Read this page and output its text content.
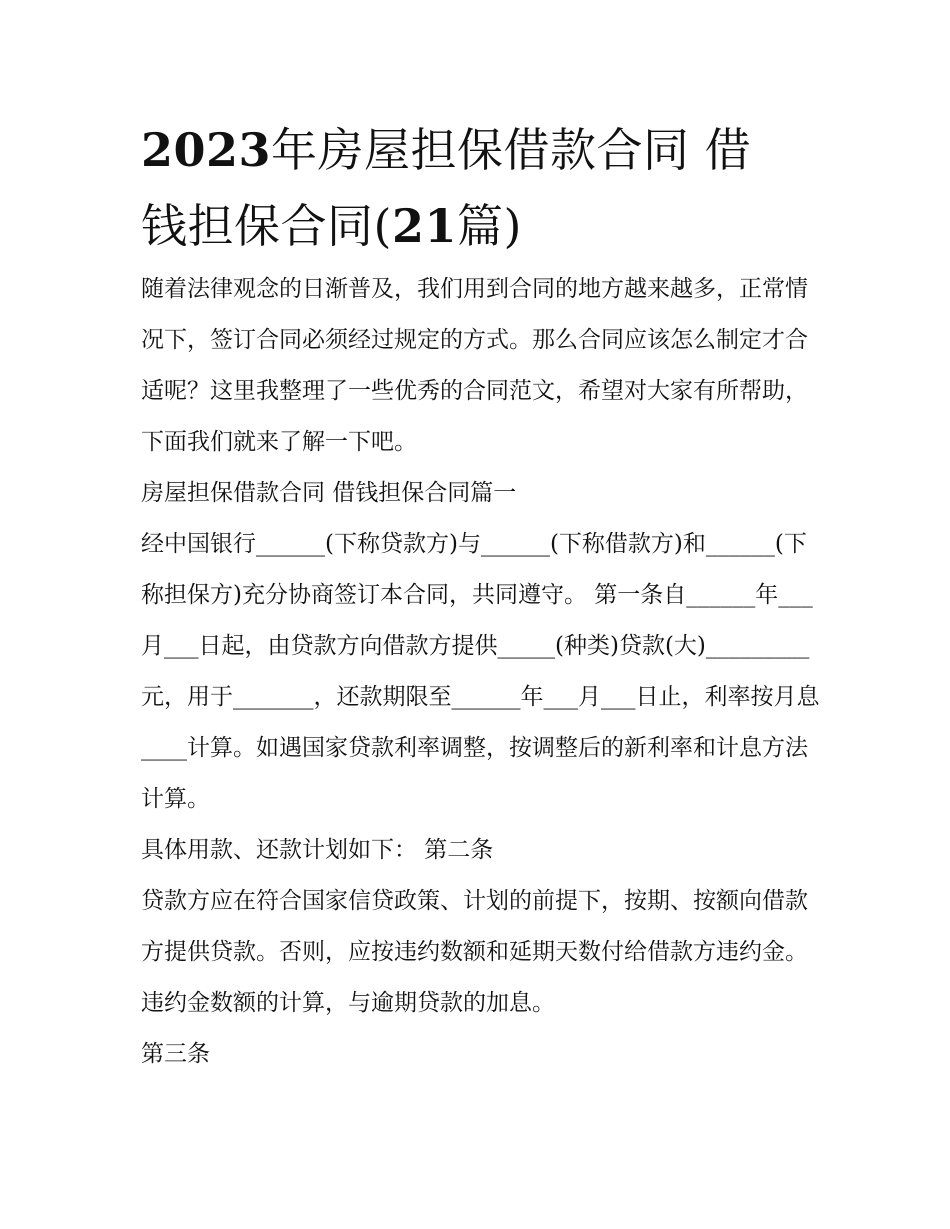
2023年房屋担保借款合同 借
钱担保合同(21篇)

随着法律观念的日渐普及，我们用到合同的地方越来越多，正常情况下，签订合同必须经过规定的方式。那么合同应该怎么制定才合适呢？这里我整理了一些优秀的合同范文，希望对大家有所帮助，下面我们就来了解一下吧。

房屋担保借款合同 借钱担保合同篇一

经中国银行______(下称贷款方)与______(下称借款方)和______(下称担保方)充分协商签订本合同，共同遵守。 第一条自______年___月___日起，由贷款方向借款方提供_____(种类)贷款(大)_________元，用于_______，还款期限至______年___月___日止，利率按月息____计算。如遇国家贷款利率调整，按调整后的新利率和计息方法计算。

具体用款、还款计划如下： 第二条

贷款方应在符合国家信贷政策、计划的前提下，按期、按额向借款方提供贷款。否则，应按违约数额和延期天数付给借款方违约金。违约金数额的计算，与逾期贷款的加息。

第三条
